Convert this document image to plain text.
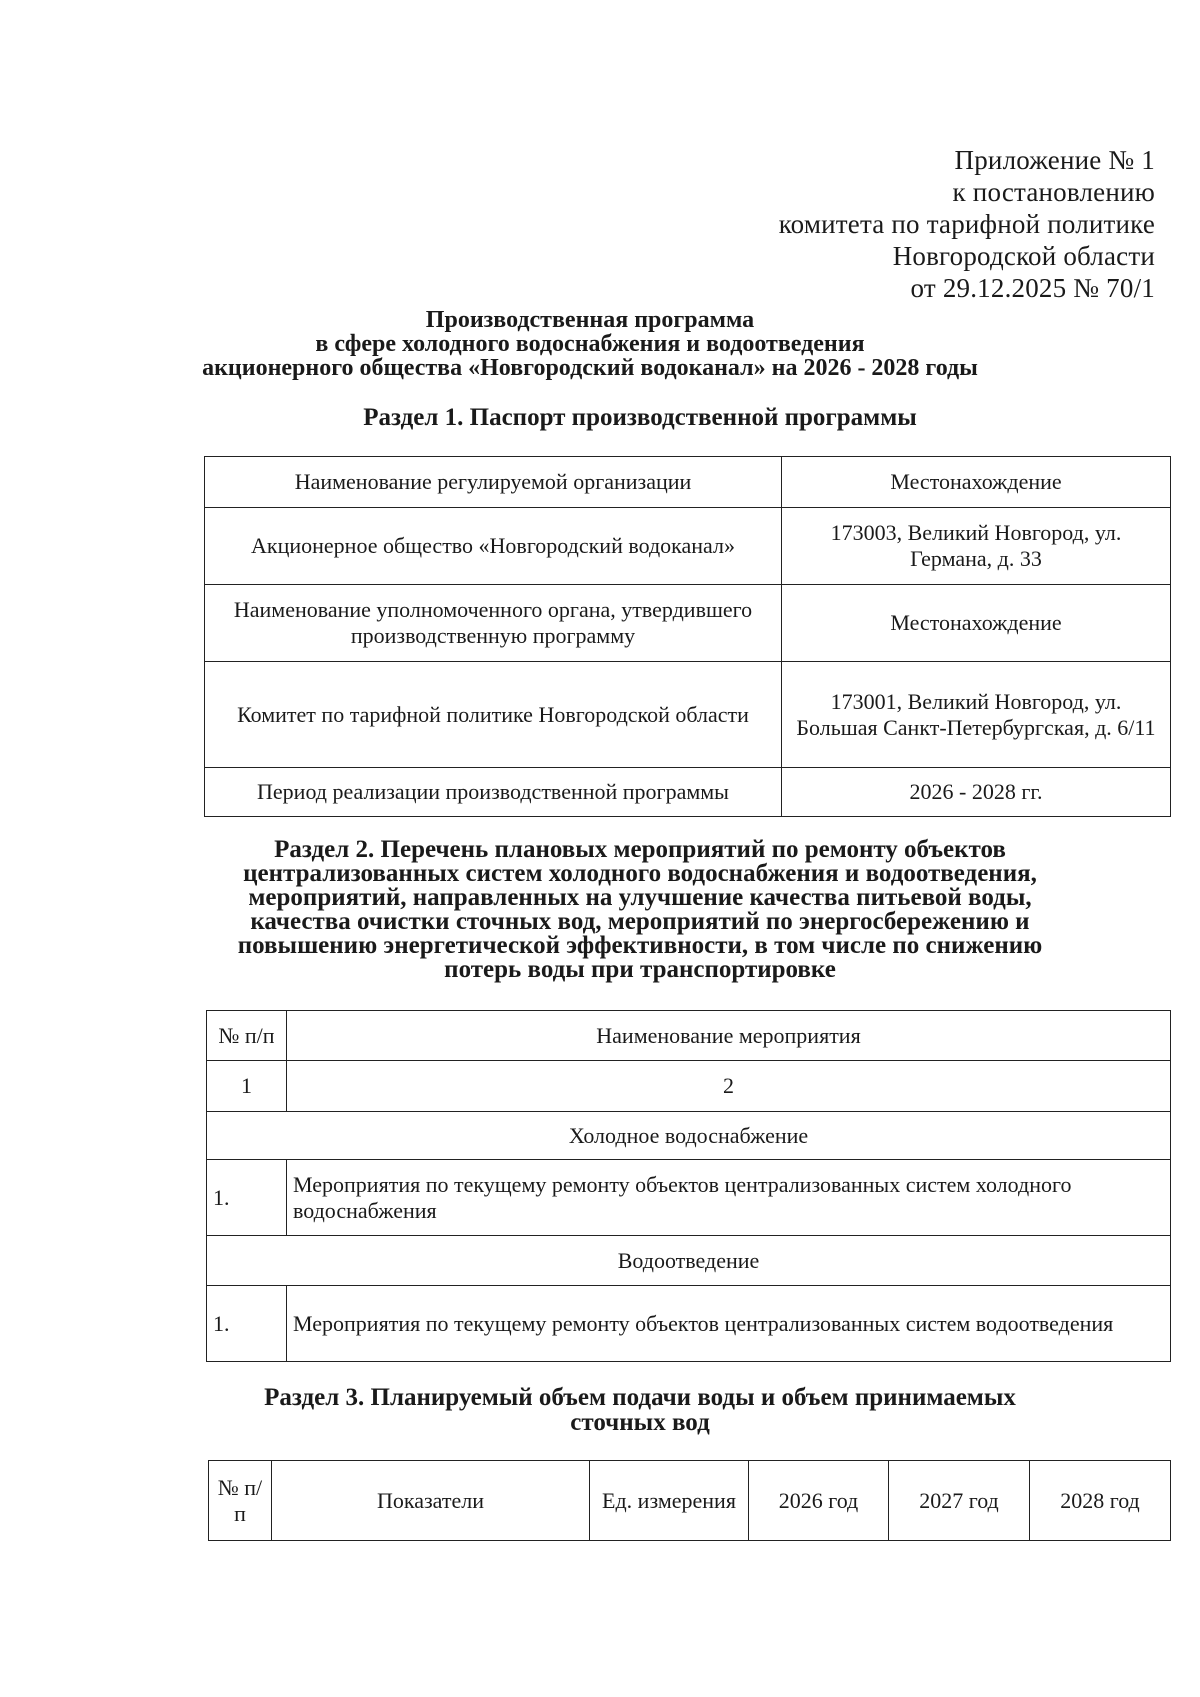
Приложение № 1
к постановлению
комитета по тарифной политике
Новгородской области
от 29.12.2025 № 70/1
Производственная программа
в сфере холодного водоснабжения и водоотведения
акционерного общества «Новгородский водоканал» на 2026 - 2028 годы
Раздел 1. Паспорт производственной программы
Наименование регулируемой организации	Местонахождение
Акционерное общество «Новгородский водоканал»	173003, Великий Новгород, ул. Германа, д. 33
Наименование уполномоченного органа, утвердившего производственную программу	Местонахождение
Комитет по тарифной политике Новгородской области	173001, Великий Новгород, ул. Большая Санкт-Петербургская, д. 6/11
Период реализации производственной программы	2026 - 2028 гг.
Раздел 2. Перечень плановых мероприятий по ремонту объектов
централизованных систем холодного водоснабжения и водоотведения,
мероприятий, направленных на улучшение качества питьевой воды,
качества очистки сточных вод, мероприятий по энергосбережению и
повышению энергетической эффективности, в том числе по снижению
потерь воды при транспортировке
№ п/п	Наименование мероприятия
1	2
Холодное водоснабжение	
1.	Мероприятия по текущему ремонту объектов централизованных систем холодного водоснабжения
Водоотведение	
1.	Мероприятия по текущему ремонту объектов централизованных систем водоотведения
Раздел 3. Планируемый объем подачи воды и объем принимаемых
сточных вод
№ п/п	Показатели	Ед. измерения	2026 год	2027 год	2028 год
